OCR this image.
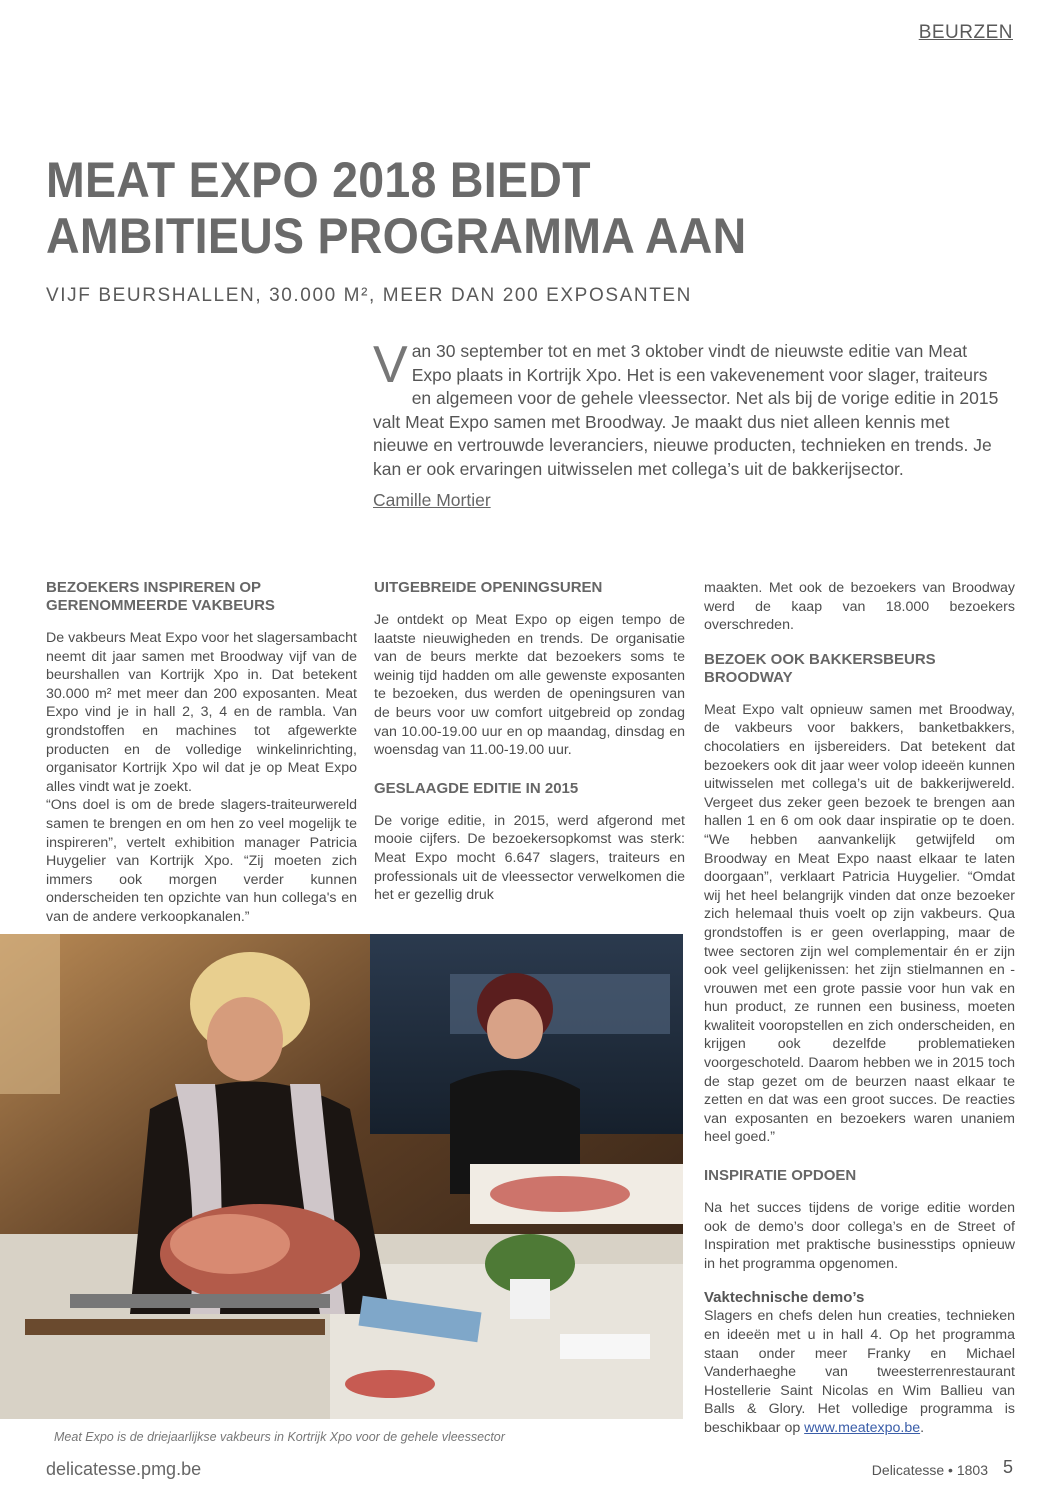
BEURZEN
MEAT EXPO 2018 BIEDT
AMBITIEUS PROGRAMMA AAN
VIJF BEURSHALLEN, 30.000 M², MEER DAN 200 EXPOSANTEN
V an 30 september tot en met 3 oktober vindt de nieuwste editie van Meat Expo plaats in Kortrijk Xpo. Het is een vakevenement voor slager, traiteurs en algemeen voor de gehele vleessector. Net als bij de vorige editie in 2015 valt Meat Expo samen met Broodway. Je maakt dus niet alleen kennis met nieuwe en vertrouwde leveranciers, nieuwe producten, technieken en trends. Je kan er ook ervaringen uitwisselen met collega’s uit de bakkerijsector.

Camille Mortier
BEZOEKERS INSPIREREN OP GERENOMMEERDE VAKBEURS

De vakbeurs Meat Expo voor het slagersambacht neemt dit jaar samen met Broodway vijf van de beurshallen van Kortrijk Xpo in. Dat betekent 30.000 m² met meer dan 200 exposanten. Meat Expo vind je in hall 2, 3, 4 en de rambla. Van grondstoffen en machines tot afgewerkte producten en de volledige winkelinrichting, organisator Kortrijk Xpo wil dat je op Meat Expo alles vindt wat je zoekt.

“Ons doel is om de brede slagers-traiteurwereld samen te brengen en om hen zo veel mogelijk te inspireren”, vertelt exhibition manager Patricia Huygelier van Kortrijk Xpo. “Zij moeten zich immers ook morgen verder kunnen onderscheiden ten opzichte van hun collega's en van de andere verkoopkanalen.”

UITGEBREIDE OPENINGSUREN

Je ontdekt op Meat Expo op eigen tempo de laatste nieuwigheden en trends. De organisatie van de beurs merkte dat bezoekers soms te weinig tijd hadden om alle gewenste exposanten te bezoeken, dus werden de openingsuren van de beurs voor uw comfort uitgebreid op zondag van 10.00-19.00 uur en op maandag, dinsdag en woensdag van 11.00-19.00 uur.

GESLAAGDE EDITIE IN 2015

De vorige editie, in 2015, werd afgerond met mooie cijfers. De bezoekersopkomst was sterk: Meat Expo mocht 6.647 slagers, traiteurs en professionals uit de vleessector verwelkomen die het er gezellig druk

maakten. Met ook de bezoekers van Broodway werd de kaap van 18.000 bezoekers overschreden.

BEZOEK OOK BAKKERSBEURS BROODWAY

Meat Expo valt opnieuw samen met Broodway, de vakbeurs voor bakkers, banketbakkers, chocolatiers en ijsbereiders. Dat betekent dat bezoekers ook dit jaar weer volop ideeën kunnen uitwisselen met collega’s uit de bakkerijwereld. Vergeet dus zeker geen bezoek te brengen aan hallen 1 en 6 om ook daar inspiratie op te doen. “We hebben aanvankelijk getwijfeld om Broodway en Meat Expo naast elkaar te laten doorgaan”, verklaart Patricia Huygelier. “Omdat wij het heel belangrijk vinden dat onze bezoeker zich helemaal thuis voelt op zijn vakbeurs. Qua grondstoffen is er geen overlapping, maar de twee sectoren zijn wel complementair én er zijn ook veel gelijkenissen: het zijn stielmannen en -vrouwen met een grote passie voor hun vak en hun product, ze runnen een business, moeten kwaliteit vooropstellen en zich onderscheiden, en krijgen ook dezelfde problematieken voorgeschoteld. Daarom hebben we in 2015 toch de stap gezet om de beurzen naast elkaar te zetten en dat was een groot succes. De reacties van exposanten en bezoekers waren unaniem heel goed.”

INSPIRATIE OPDOEN

Na het succes tijdens de vorige editie worden ook de demo’s door collega’s en de Street of Inspiration met praktische businesstips opnieuw in het programma opgenomen.

Vaktechnische demo’s

Slagers en chefs delen hun creaties, technieken en ideeën met u in hall 4. Op het programma staan onder meer Franky en Michael Vanderhaeghe van tweesterrenrestaurant Hostellerie Saint Nicolas en Wim Ballieu van Balls & Glory. Het volledige programma is beschikbaar op www.meatexpo.be.

Meat Expo is de driejaarlijkse vakbeurs in Kortrijk Xpo voor de gehele vleessector
delicatesse.pmg.be	Delicatesse • 1803 5
